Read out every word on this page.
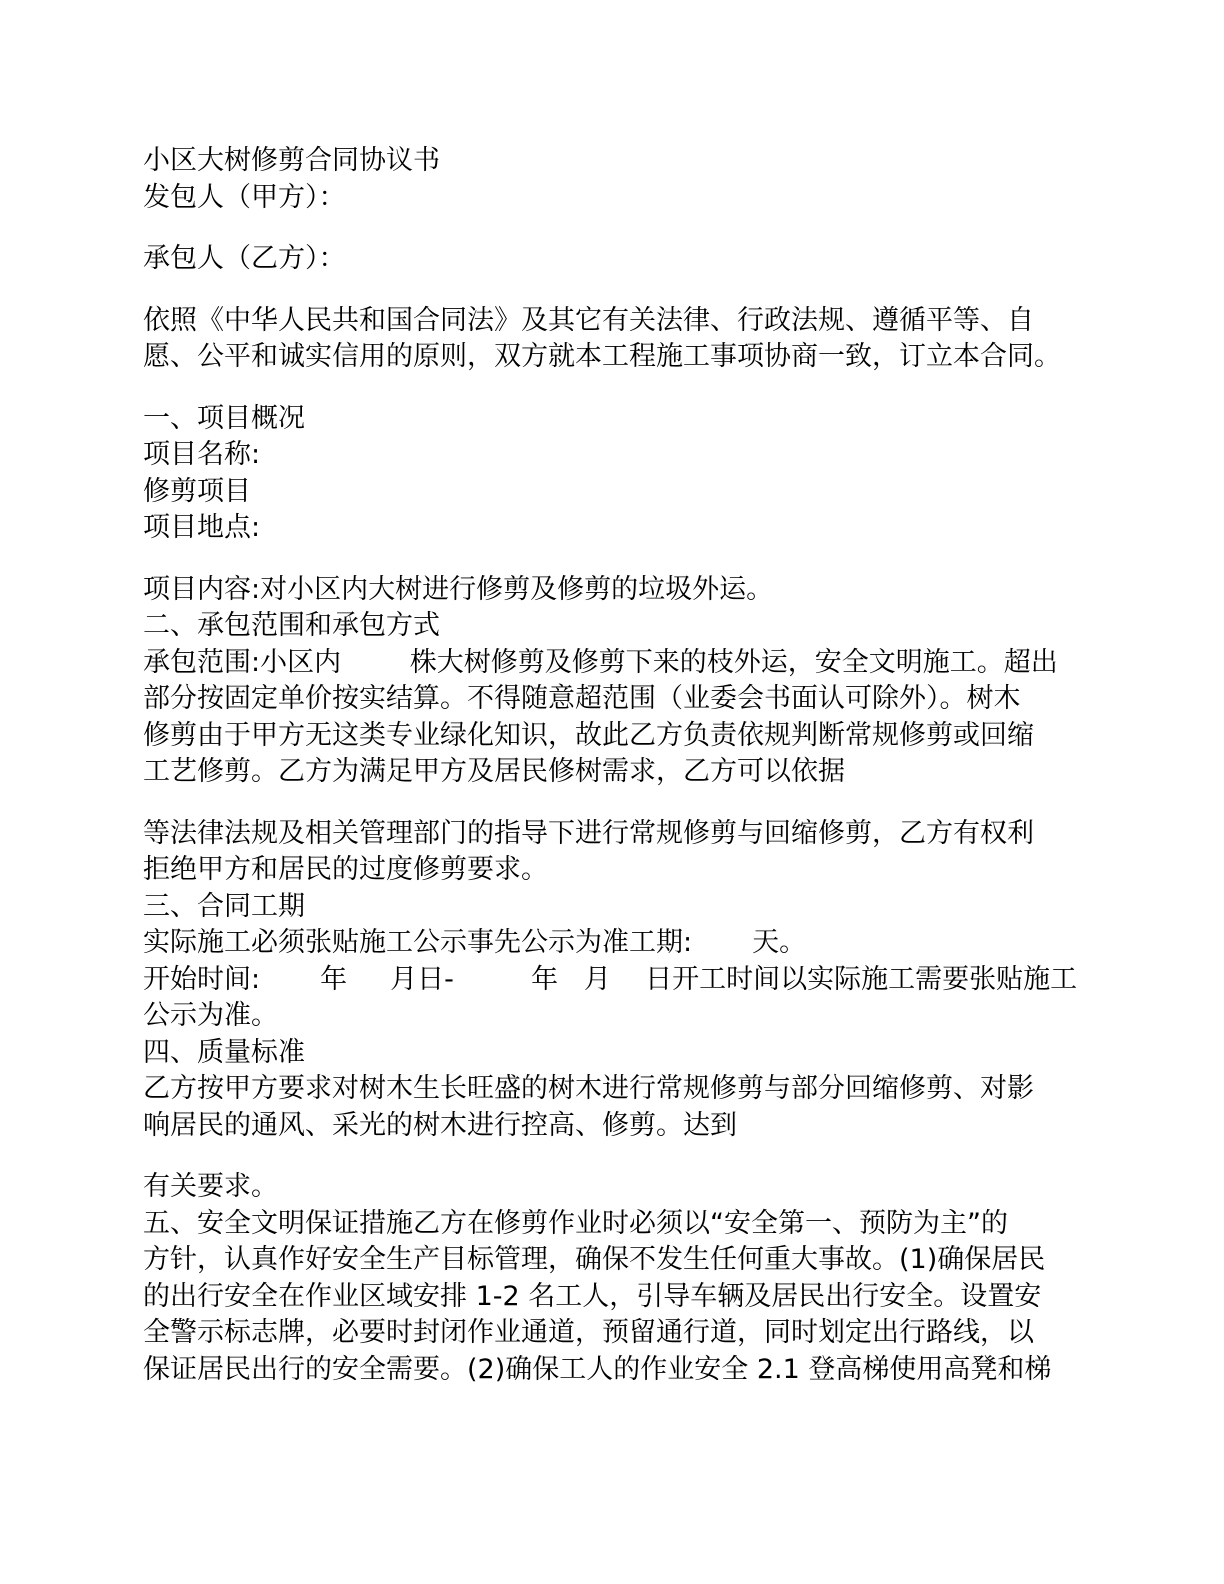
小区大树修剪合同协议书

发包人（甲方）：

承包人（乙方）：

依照《中华人民共和国合同法》及其它有关法律、行政法规、遵循平等、自

愿、公平和诚实信用的原则，双方就本工程施工事项协商一致，订立本合同。

一、项目概况

项目名称:

修剪项目

项目地点:

项目内容:对小区内大树进行修剪及修剪的垃圾外运。

二、承包范围和承包方式

承包范围:小区内        株大树修剪及修剪下来的枝外运，安全文明施工。超出

部分按固定单价按实结算。不得随意超范围（业委会书面认可除外）。树木

修剪由于甲方无这类专业绿化知识，故此乙方负责依规判断常规修剪或回缩

工艺修剪。乙方为满足甲方及居民修树需求，乙方可以依据

等法律法规及相关管理部门的指导下进行常规修剪与回缩修剪，乙方有权利

拒绝甲方和居民的过度修剪要求。

三、合同工期

实际施工必须张贴施工公示事先公示为准工期:       天。

开始时间:       年     月日-         年   月    日开工时间以实际施工需要张贴施工

公示为准。

四、质量标准

乙方按甲方要求对树木生长旺盛的树木进行常规修剪与部分回缩修剪、对影

响居民的通风、采光的树木进行控高、修剪。达到

有关要求。

五、安全文明保证措施乙方在修剪作业时必须以“安全第一、预防为主”的

方针，认真作好安全生产目标管理，确保不发生任何重大事故。(1)确保居民

的出行安全在作业区域安排 1-2 名工人，引导车辆及居民出行安全。设置安

全警示标志牌，必要时封闭作业通道，预留通行道，同时划定出行路线，以

保证居民出行的安全需要。(2)确保工人的作业安全 2.1 登高梯使用高凳和梯
